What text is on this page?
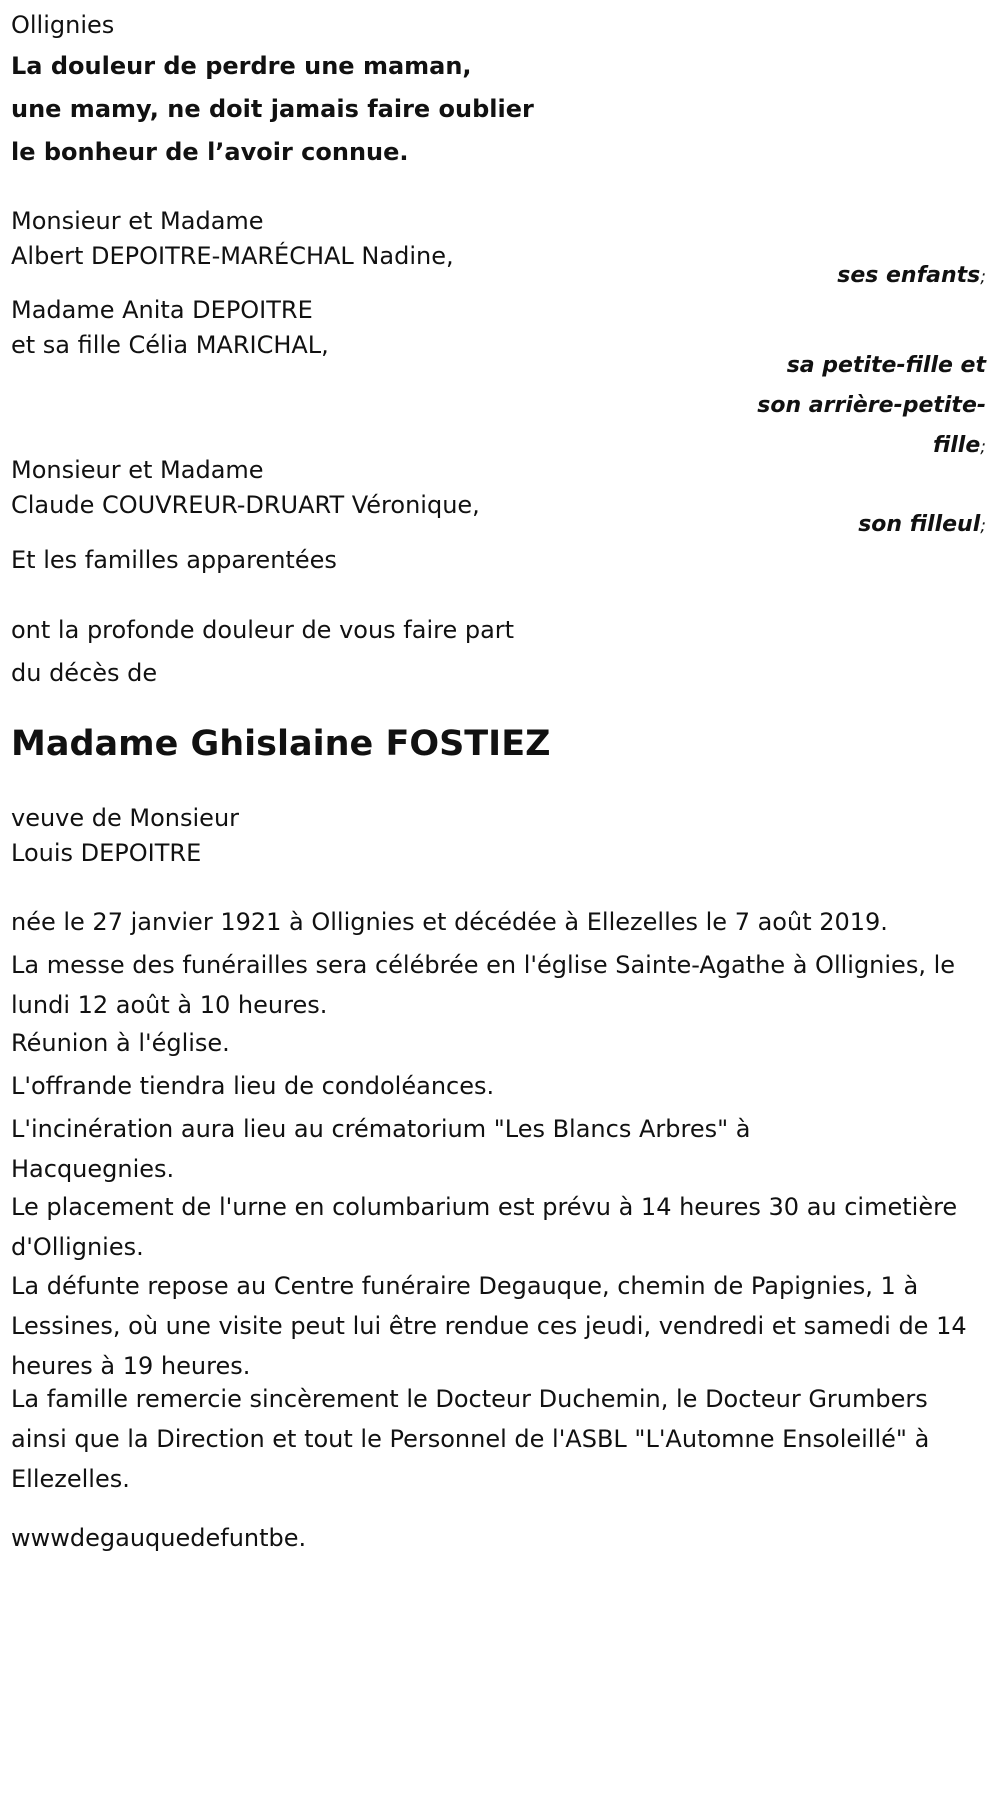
Ollignies
La douleur de perdre une maman,
une mamy, ne doit jamais faire oublier
le bonheur de l’avoir connue.
Monsieur et Madame
Albert DEPOITRE-MARÉCHAL Nadine,
ses enfants;
Madame Anita DEPOITRE
et sa fille Célia MARICHAL,
sa petite-fille et
son arrière-petite-
fille;
Monsieur et Madame
Claude COUVREUR-DRUART Véronique,
son filleul;
Et les familles apparentées
ont la profonde douleur de vous faire part
du décès de
Madame Ghislaine FOSTIEZ
veuve de Monsieur
Louis DEPOITRE
née le 27 janvier 1921 à Ollignies et décédée à Ellezelles le 7 août 2019.
La messe des funérailles sera célébrée en l'église Sainte-Agathe à Ollignies, le lundi 12 août à 10 heures.
Réunion à l'église.
L'offrande tiendra lieu de condoléances.
L'incinération aura lieu au crématorium "Les Blancs Arbres" à Hacquegnies.
Le placement de l'urne en columbarium est prévu à 14 heures 30 au cimetière d'Ollignies.
La défunte repose au Centre funéraire Degauque, chemin de Papignies, 1 à Lessines, où une visite peut lui être rendue ces jeudi, vendredi et samedi de 14 heures à 19 heures.
La famille remercie sincèrement le Docteur Duchemin, le Docteur Grumbers ainsi que la Direction et tout le Personnel de l'ASBL "L'Automne Ensoleillé" à Ellezelles.
wwwdegauquedefuntbe.
